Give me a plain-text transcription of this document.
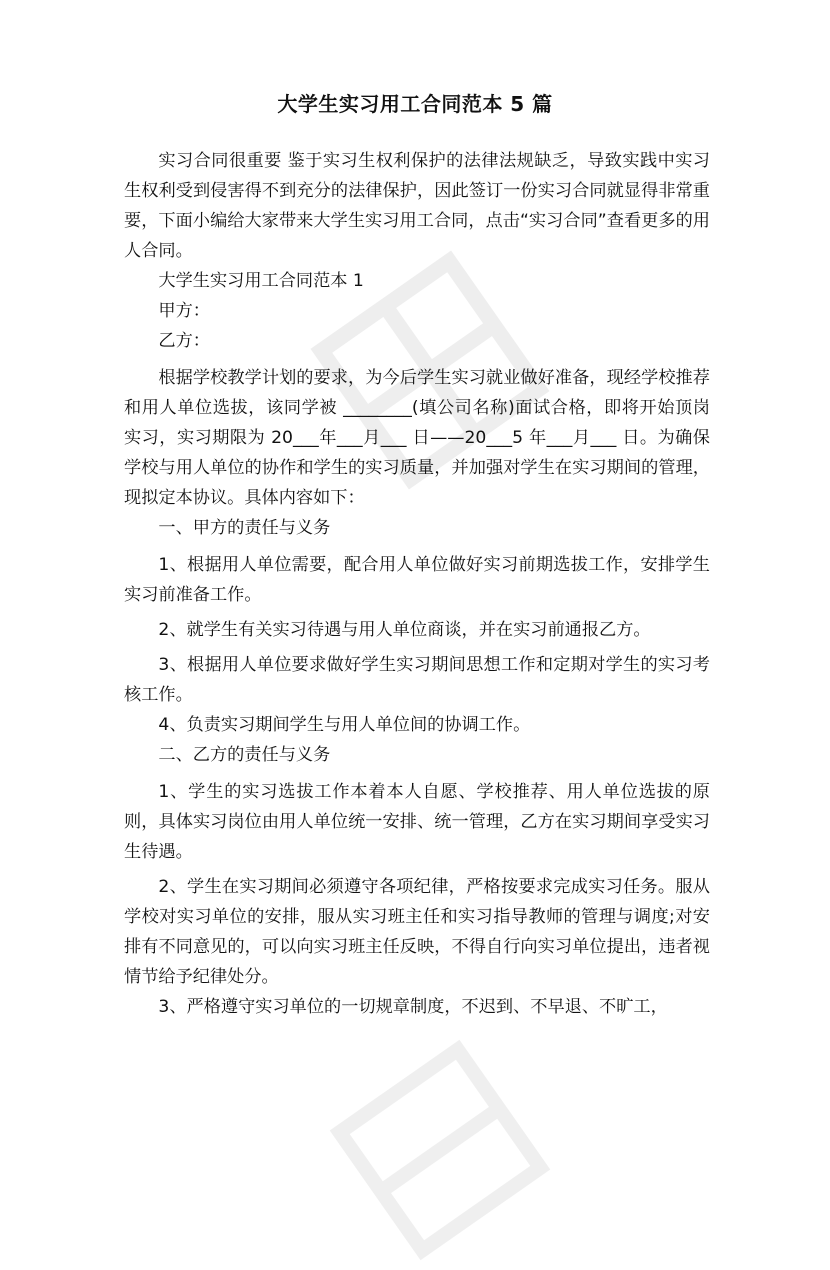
大学生实习用工合同范本 5 篇

实习合同很重要 鉴于实习生权利保护的法律法规缺乏，导致实践中实习生权利受到侵害得不到充分的法律保护，因此签订一份实习合同就显得非常重要，下面小编给大家带来大学生实习用工合同，点击“实习合同”查看更多的用人合同。

大学生实习用工合同范本 1

甲方：

乙方：

根据学校教学计划的要求，为今后学生实习就业做好准备，现经学校推荐和用人单位选拔，该同学被 ________(填公司名称)面试合格，即将开始顶岗实习，实习期限为 20___年___月___ 日——20___5 年___月___ 日。为确保学校与用人单位的协作和学生的实习质量，并加强对学生在实习期间的管理，现拟定本协议。具体内容如下：

一、甲方的责任与义务

1、根据用人单位需要，配合用人单位做好实习前期选拔工作，安排学生实习前准备工作。

2、就学生有关实习待遇与用人单位商谈，并在实习前通报乙方。

3、根据用人单位要求做好学生实习期间思想工作和定期对学生的实习考核工作。

4、负责实习期间学生与用人单位间的协调工作。

二、乙方的责任与义务

1、学生的实习选拔工作本着本人自愿、学校推荐、用人单位选拔的原则，具体实习岗位由用人单位统一安排、统一管理，乙方在实习期间享受实习生待遇。

2、学生在实习期间必须遵守各项纪律，严格按要求完成实习任务。服从学校对实习单位的安排，服从实习班主任和实习指导教师的管理与调度;对安排有不同意见的，可以向实习班主任反映，不得自行向实习单位提出，违者视情节给予纪律处分。

3、严格遵守实习单位的一切规章制度，不迟到、不早退、不旷工，
